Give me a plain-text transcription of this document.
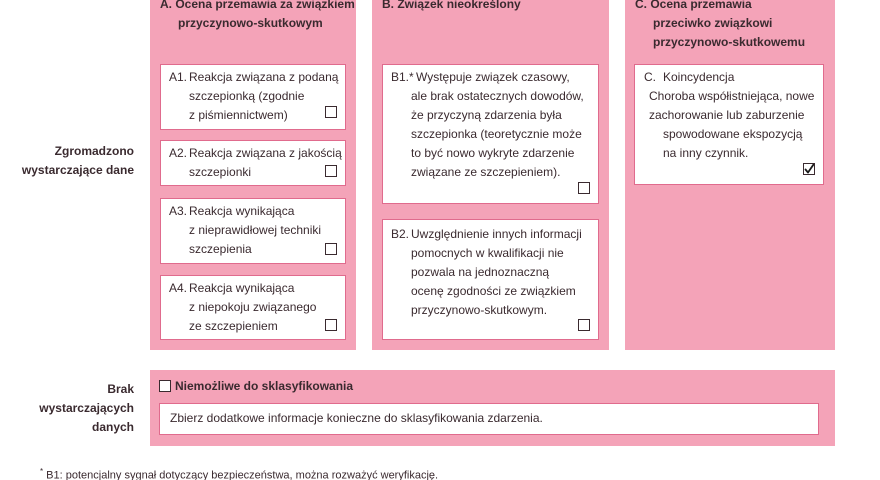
A. Ocena przemawia za związkiem
przyczynowo-skutkowym
B. Związek nieokreślony	C. Ocena przemawia
przeciwko związkowi
przyczynowo-skutkowemu
Zgromadzono
wystarczające dane
Brak
wystarczających
danych
A1. Reakcja związana z podaną
szczepionką (zgodnie
z piśmiennictwem)
A2. Reakcja związana z jakością
szczepionki
A3. Reakcja wynikająca
z nieprawidłowej techniki
szczepienia
A4. Reakcja wynikająca
z niepokoju związanego
ze szczepieniem
B1.* Występuje związek czasowy,
ale brak ostatecznych dowodów,
że przyczyną zdarzenia była
szczepionka (teoretycznie może
to być nowo wykryte zdarzenie
związane ze szczepieniem).
B2. Uwzględnienie innych informacji
pomocnych w kwalifikacji nie
pozwala na jednoznaczną
ocenę zgodności ze związkiem
przyczynowo-skutkowym.
C. Koincydencja
Choroba współistniejąca, nowe
zachorowanie lub zaburzenie
spowodowane ekspozycją
na inny czynnik.
Niemożliwe do sklasyfikowania
Zbierz dodatkowe informacje konieczne do sklasyfikowania zdarzenia.
* B1: potencjalny sygnał dotyczący bezpieczeństwa, można rozważyć weryfikację.
